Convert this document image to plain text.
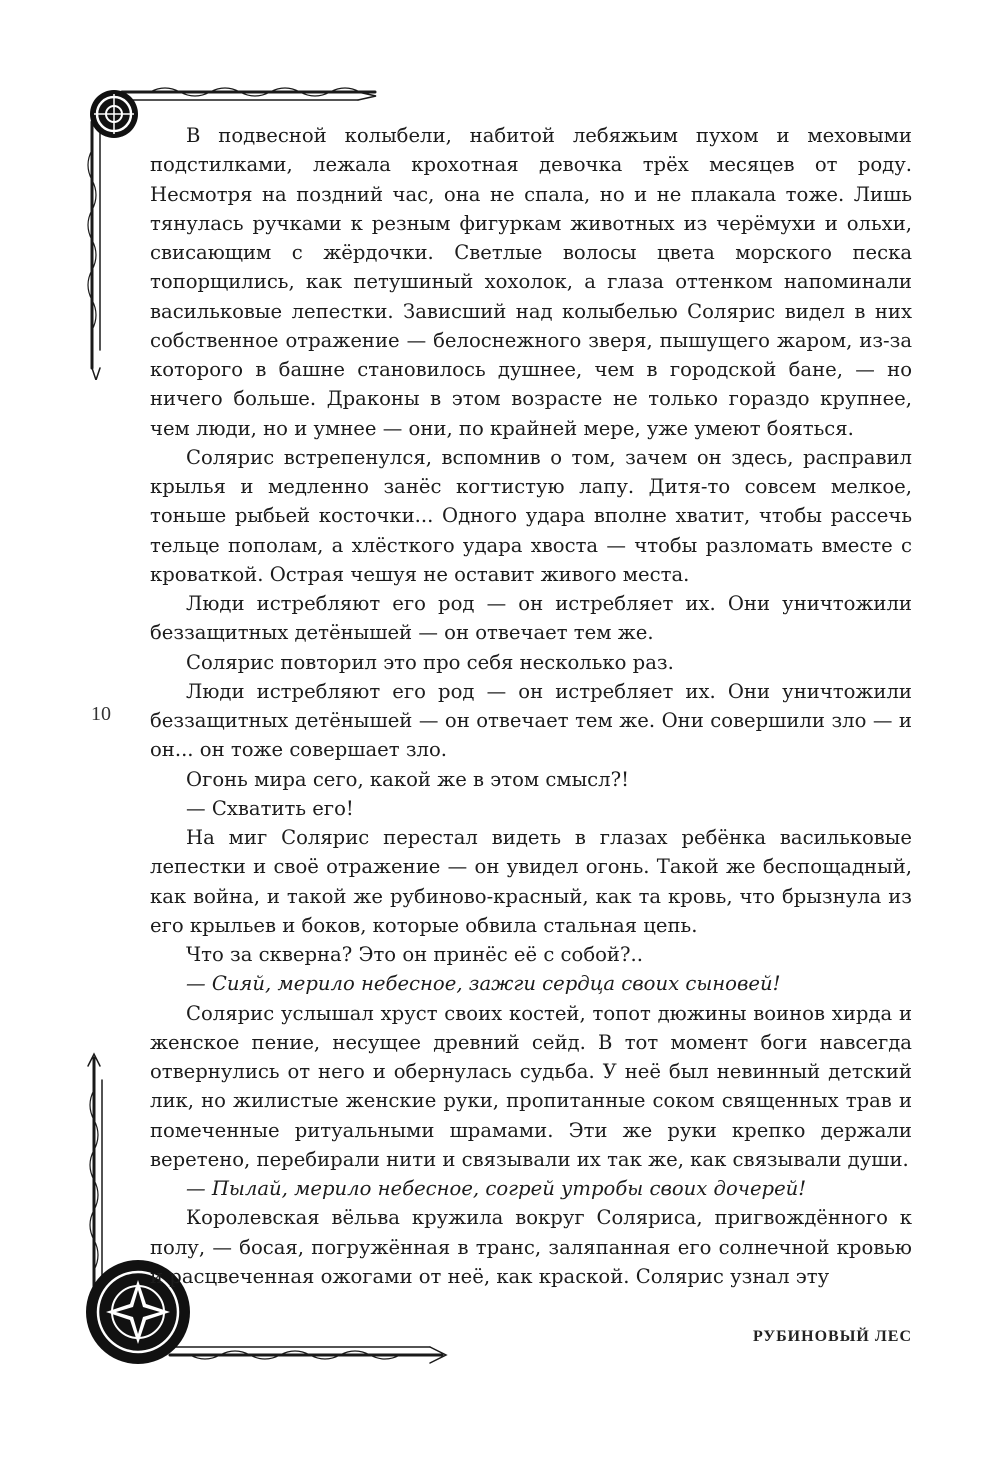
В подвесной колыбели, набитой лебяжьим пухом и меховыми подстилками, лежала крохотная девочка трёх месяцев от роду. Несмотря на поздний час, она не спала, но и не плакала тоже. Лишь тянулась ручками к резным фигуркам животных из черёмухи и ольхи, свисающим с жёрдочки. Светлые волосы цвета морского песка топорщились, как петушиный хохолок, а глаза оттенком напоминали васильковые лепестки. Зависший над колыбелью Солярис видел в них собственное отражение — белоснежного зверя, пышущего жаром, из-за которого в башне становилось душнее, чем в городской бане, — но ничего больше. Драконы в этом возрасте не только гораздо крупнее, чем люди, но и умнее — они, по крайней мере, уже умеют бояться.

Солярис встрепенулся, вспомнив о том, зачем он здесь, расправил крылья и медленно занёс когтистую лапу. Дитя-то совсем мелкое, тоньше рыбьей косточки... Одного удара вполне хватит, чтобы рассечь тельце пополам, а хлёсткого удара хвоста — чтобы разломать вместе с кроваткой. Острая чешуя не оставит живого места.

Люди истребляют его род — он истребляет их. Они уничтожили беззащитных детёнышей — он отвечает тем же.

Солярис повторил это про себя несколько раз.

Люди истребляют его род — он истребляет их. Они уничтожили беззащитных детёнышей — он отвечает тем же. Они совершили зло — и он... он тоже совершает зло.

Огонь мира сего, какой же в этом смысл?!

— Схватить его!

На миг Солярис перестал видеть в глазах ребёнка васильковые лепестки и своё отражение — он увидел огонь. Такой же беспощадный, как война, и такой же рубиново-красный, как та кровь, что брызнула из его крыльев и боков, которые обвила стальная цепь.

Что за скверна? Это он принёс её с собой?..

— Сияй, мерило небесное, зажги сердца своих сыновей!

Солярис услышал хруст своих костей, топот дюжины воинов хирда и женское пение, несущее древний сейд. В тот момент боги навсегда отвернулись от него и обернулась судьба. У неё был невинный детский лик, но жилистые женские руки, пропитанные соком священных трав и помеченные ритуальными шрамами. Эти же руки крепко держали веретено, перебирали нити и связывали их так же, как связывали души.

— Пылай, мерило небесное, согрей утробы своих дочерей!

Королевская вёльва кружила вокруг Соляриса, пригвождённого к полу, — босая, погружённая в транс, заляпанная его солнечной кровью и расцвеченная ожогами от неё, как краской. Солярис узнал эту

10
РУБИНОВЫЙ ЛЕС
